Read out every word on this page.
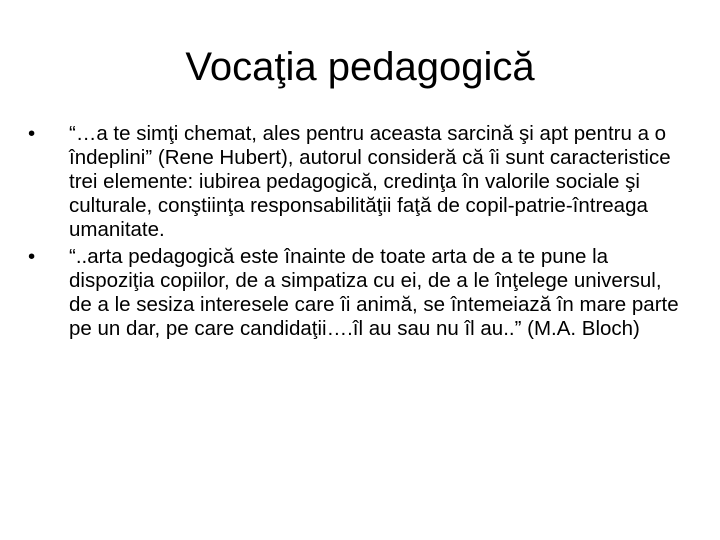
Vocaţia pedagogică
•	“…a te simţi chemat, ales pentru aceasta sarcină şi apt pentru a o îndeplini” (Rene Hubert), autorul consideră că îi sunt caracteristice trei elemente: iubirea pedagogică, credinţa în valorile sociale şi culturale, conştiinţa responsabilităţii faţă de copil-patrie-întreaga umanitate.
•	“..arta pedagogică este înainte de toate arta de a te pune la dispoziţia copiilor, de a simpatiza cu ei, de a le înţelege universul, de a le sesiza interesele care îi animă, se întemeiază în mare parte pe un dar, pe care candidaţii….îl au sau nu îl au..” (M.A. Bloch)
